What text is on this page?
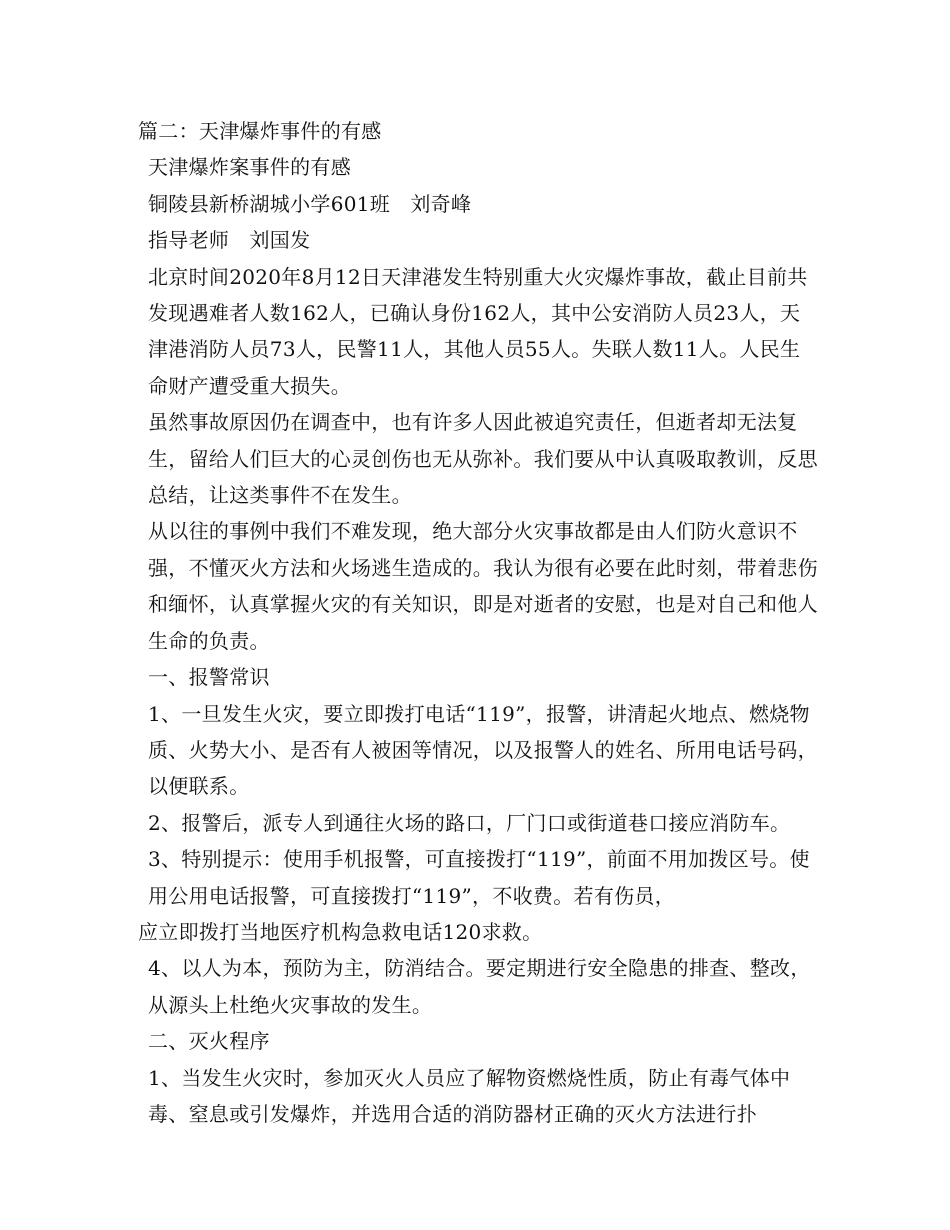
篇二：天津爆炸事件的有感

天津爆炸案事件的有感

铜陵县新桥湖城小学601班　刘奇峰

指导老师　刘国发

北京时间2020年8月12日天津港发生特别重大火灾爆炸事故，截止目前共发现遇难者人数162人，已确认身份162人，其中公安消防人员23人，天津港消防人员73人，民警11人，其他人员55人。失联人数11人。人民生命财产遭受重大损失。

虽然事故原因仍在调查中，也有许多人因此被追究责任，但逝者却无法复生，留给人们巨大的心灵创伤也无从弥补。我们要从中认真吸取教训，反思总结，让这类事件不在发生。

从以往的事例中我们不难发现，绝大部分火灾事故都是由人们防火意识不强，不懂灭火方法和火场逃生造成的。我认为很有必要在此时刻，带着悲伤和缅怀，认真掌握火灾的有关知识，即是对逝者的安慰，也是对自己和他人生命的负责。

一、报警常识

1、一旦发生火灾，要立即拨打电话“119”，报警，讲清起火地点、燃烧物质、火势大小、是否有人被困等情况，以及报警人的姓名、所用电话号码，以便联系。

2、报警后，派专人到通往火场的路口，厂门口或街道巷口接应消防车。

3、特别提示：使用手机报警，可直接拨打“119”，前面不用加拨区号。使用公用电话报警，可直接拨打“119”，不收费。若有伤员，

应立即拨打当地医疗机构急救电话120求救。

4、以人为本，预防为主，防消结合。要定期进行安全隐患的排查、整改，从源头上杜绝火灾事故的发生。

二、灭火程序

1、当发生火灾时，参加灭火人员应了解物资燃烧性质，防止有毒气体中毒、窒息或引发爆炸，并选用合适的消防器材正确的灭火方法进行扑
